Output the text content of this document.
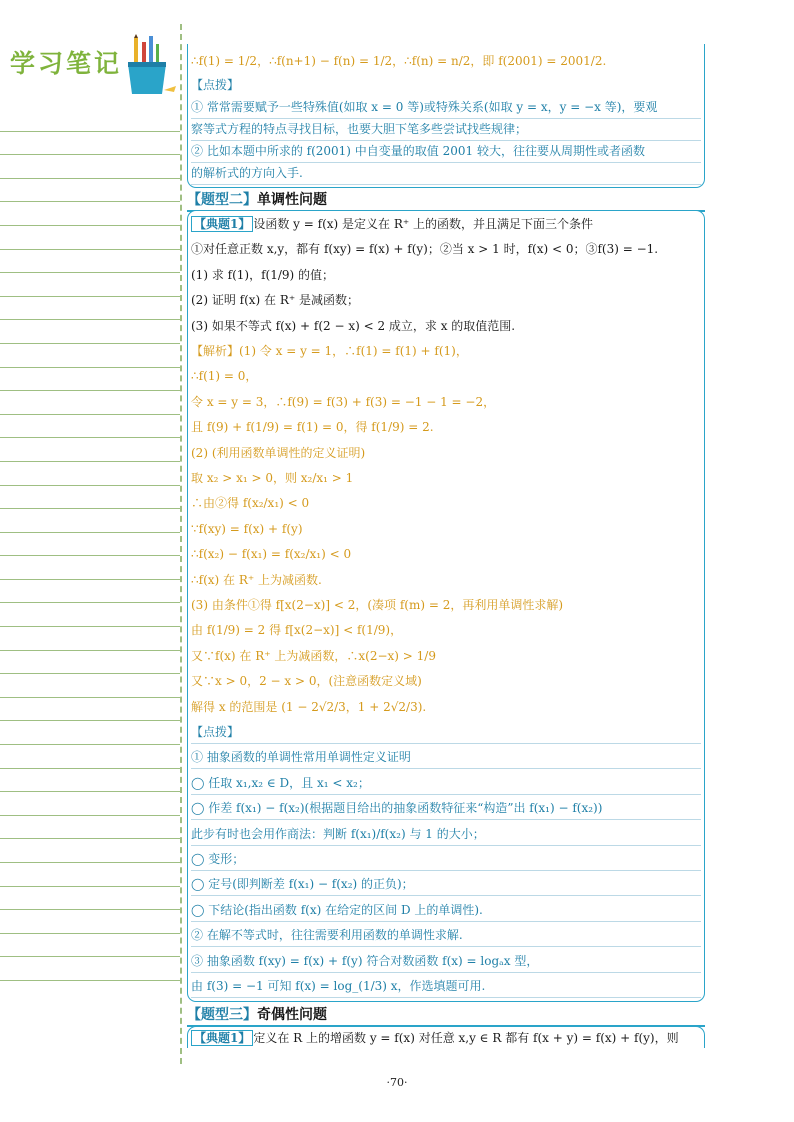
学习笔记	∴f(1) = 1/2，∴f(n+1) − f(n) = 1/2，∴f(n) = n/2，即 f(2001) = 2001/2.
【点拨】
① 常常需要赋予一些特殊值(如取 x = 0 等)或特殊关系(如取 y = x，y = −x 等)，要观
察等式方程的特点寻找目标，也要大胆下笔多些尝试找些规律；
② 比如本题中所求的 f(2001) 中自变量的取值 2001 较大，往往要从周期性或者函数
的解析式的方向入手.
【题型二】单调性问题
【典题1】 设函数 y = f(x) 是定义在 R⁺ 上的函数，并且满足下面三个条件
①对任意正数 x,y，都有 f(xy) = f(x) + f(y)；②当 x > 1 时，f(x) < 0；③f(3) = −1.
(1) 求 f(1)，f(1/9) 的值；
(2) 证明 f(x) 在 R⁺ 是减函数；
(3) 如果不等式 f(x) + f(2 − x) < 2 成立，求 x 的取值范围.
【解析】(1) 令 x = y = 1，∴f(1) = f(1) + f(1)，
∴f(1) = 0，
令 x = y = 3，∴f(9) = f(3) + f(3) = −1 − 1 = −2，
且 f(9) + f(1/9) = f(1) = 0，得 f(1/9) = 2.
(2) (利用函数单调性的定义证明)
取 x₂ > x₁ > 0，则 x₂/x₁ > 1
∴由②得 f(x₂/x₁) < 0
∵f(xy) = f(x) + f(y)
∴f(x₂) − f(x₁) = f(x₂/x₁) < 0
∴f(x) 在 R⁺ 上为减函数.
(3) 由条件①得 f[x(2−x)] < 2，(凑项 f(m) = 2，再利用单调性求解)
由 f(1/9) = 2 得 f[x(2−x)] < f(1/9)，
又∵f(x) 在 R⁺ 上为减函数，∴x(2−x) > 1/9
又∵x > 0，2 − x > 0，(注意函数定义域)
解得 x 的范围是 (1 − 2√2/3，1 + 2√2/3).
【点拨】
① 抽象函数的单调性常用单调性定义证明
◯ 任取 x₁,x₂ ∈ D，且 x₁ < x₂；
◯ 作差 f(x₁) − f(x₂)(根据题目给出的抽象函数特征来“构造”出 f(x₁) − f(x₂))
此步有时也会用作商法：判断 f(x₁)/f(x₂) 与 1 的大小；
◯ 变形；
◯ 定号(即判断差 f(x₁) − f(x₂) 的正负)；
◯ 下结论(指出函数 f(x) 在给定的区间 D 上的单调性).
② 在解不等式时，往往需要利用函数的单调性求解.
③ 抽象函数 f(xy) = f(x) + f(y) 符合对数函数 f(x) = logₐx 型，
由 f(3) = −1 可知 f(x) = log_(1/3) x，作选填题可用.
【题型三】奇偶性问题
【典题1】 定义在 R 上的增函数 y = f(x) 对任意 x,y ∈ R 都有 f(x + y) = f(x) + f(y)，则
·70·
